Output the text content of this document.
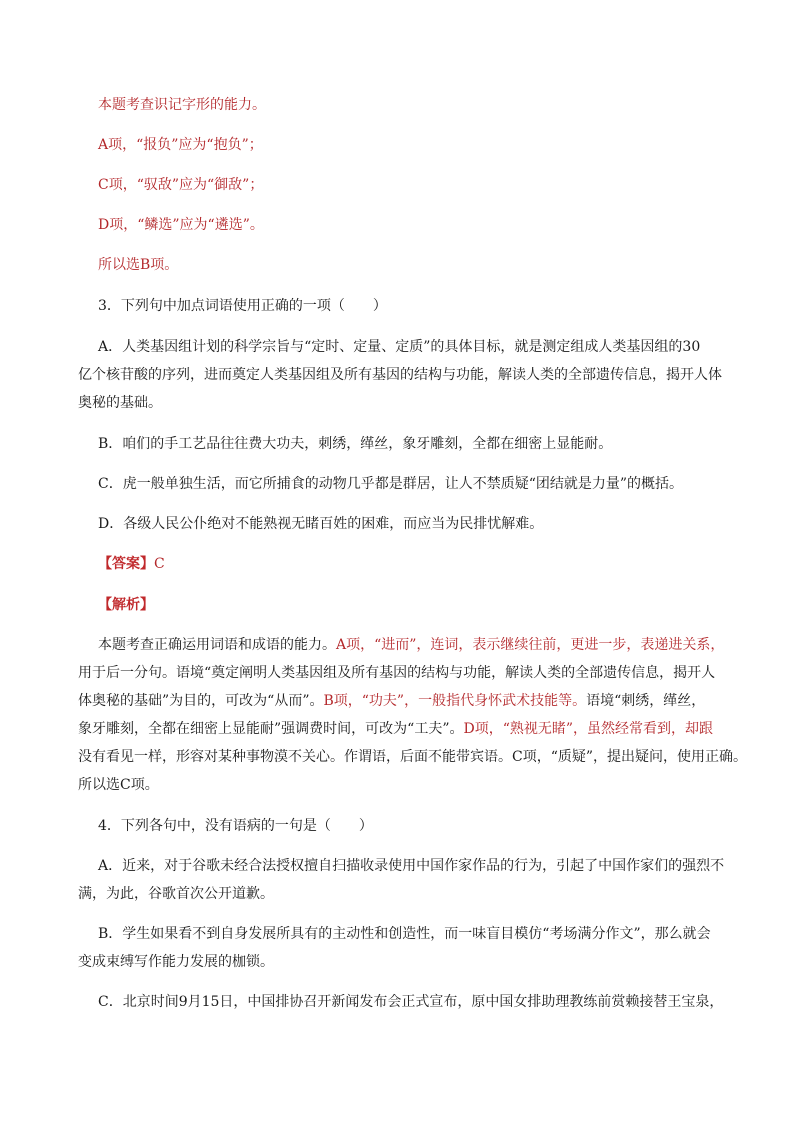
本题考查识记字形的能力。
A项，“报负”应为“抱负”；
C项，“驭敌”应为“御敌”；
D项，“鳞选”应为“遴选”。
所以选B项。
3．下列句中加点词语使用正确的一项（　　）
A．人类基因组计划的科学宗旨与“定时、定量、定质”的具体目标，就是测定组成人类基因组的30
亿个核苷酸的序列，进而奠定人类基因组及所有基因的结构与功能，解读人类的全部遗传信息，揭开人体
奥秘的基础。
B．咱们的手工艺品往往费大功夫，刺绣，缂丝，象牙雕刻，全都在细密上显能耐。
C．虎一般单独生活，而它所捕食的动物几乎都是群居，让人不禁质疑“团结就是力量”的概括。
D．各级人民公仆绝对不能熟视无睹百姓的困难，而应当为民排忧解难。
【答案】C
【解析】
本题考查正确运用词语和成语的能力。A项，“进而”，连词，表示继续往前，更进一步，表递进关系，
用于后一分句。语境“奠定阐明人类基因组及所有基因的结构与功能，解读人类的全部遗传信息，揭开人
体奥秘的基础”为目的，可改为“从而”。B项，“功夫”，一般指代身怀武术技能等。语境“刺绣，缂丝，
象牙雕刻，全都在细密上显能耐”强调费时间，可改为“工夫”。D项，“熟视无睹”，虽然经常看到，却跟
没有看见一样，形容对某种事物漠不关心。作谓语，后面不能带宾语。C项，“质疑”，提出疑问，使用正确。
所以选C项。
4．下列各句中，没有语病的一句是（　　）
A．近来，对于谷歌未经合法授权擅自扫描收录使用中国作家作品的行为，引起了中国作家们的强烈不
满，为此，谷歌首次公开道歉。
B．学生如果看不到自身发展所具有的主动性和创造性，而一味盲目模仿“考场满分作文”，那么就会
变成束缚写作能力发展的枷锁。
C．北京时间9月15日，中国排协召开新闻发布会正式宣布，原中国女排助理教练前赏赖接替王宝泉，
